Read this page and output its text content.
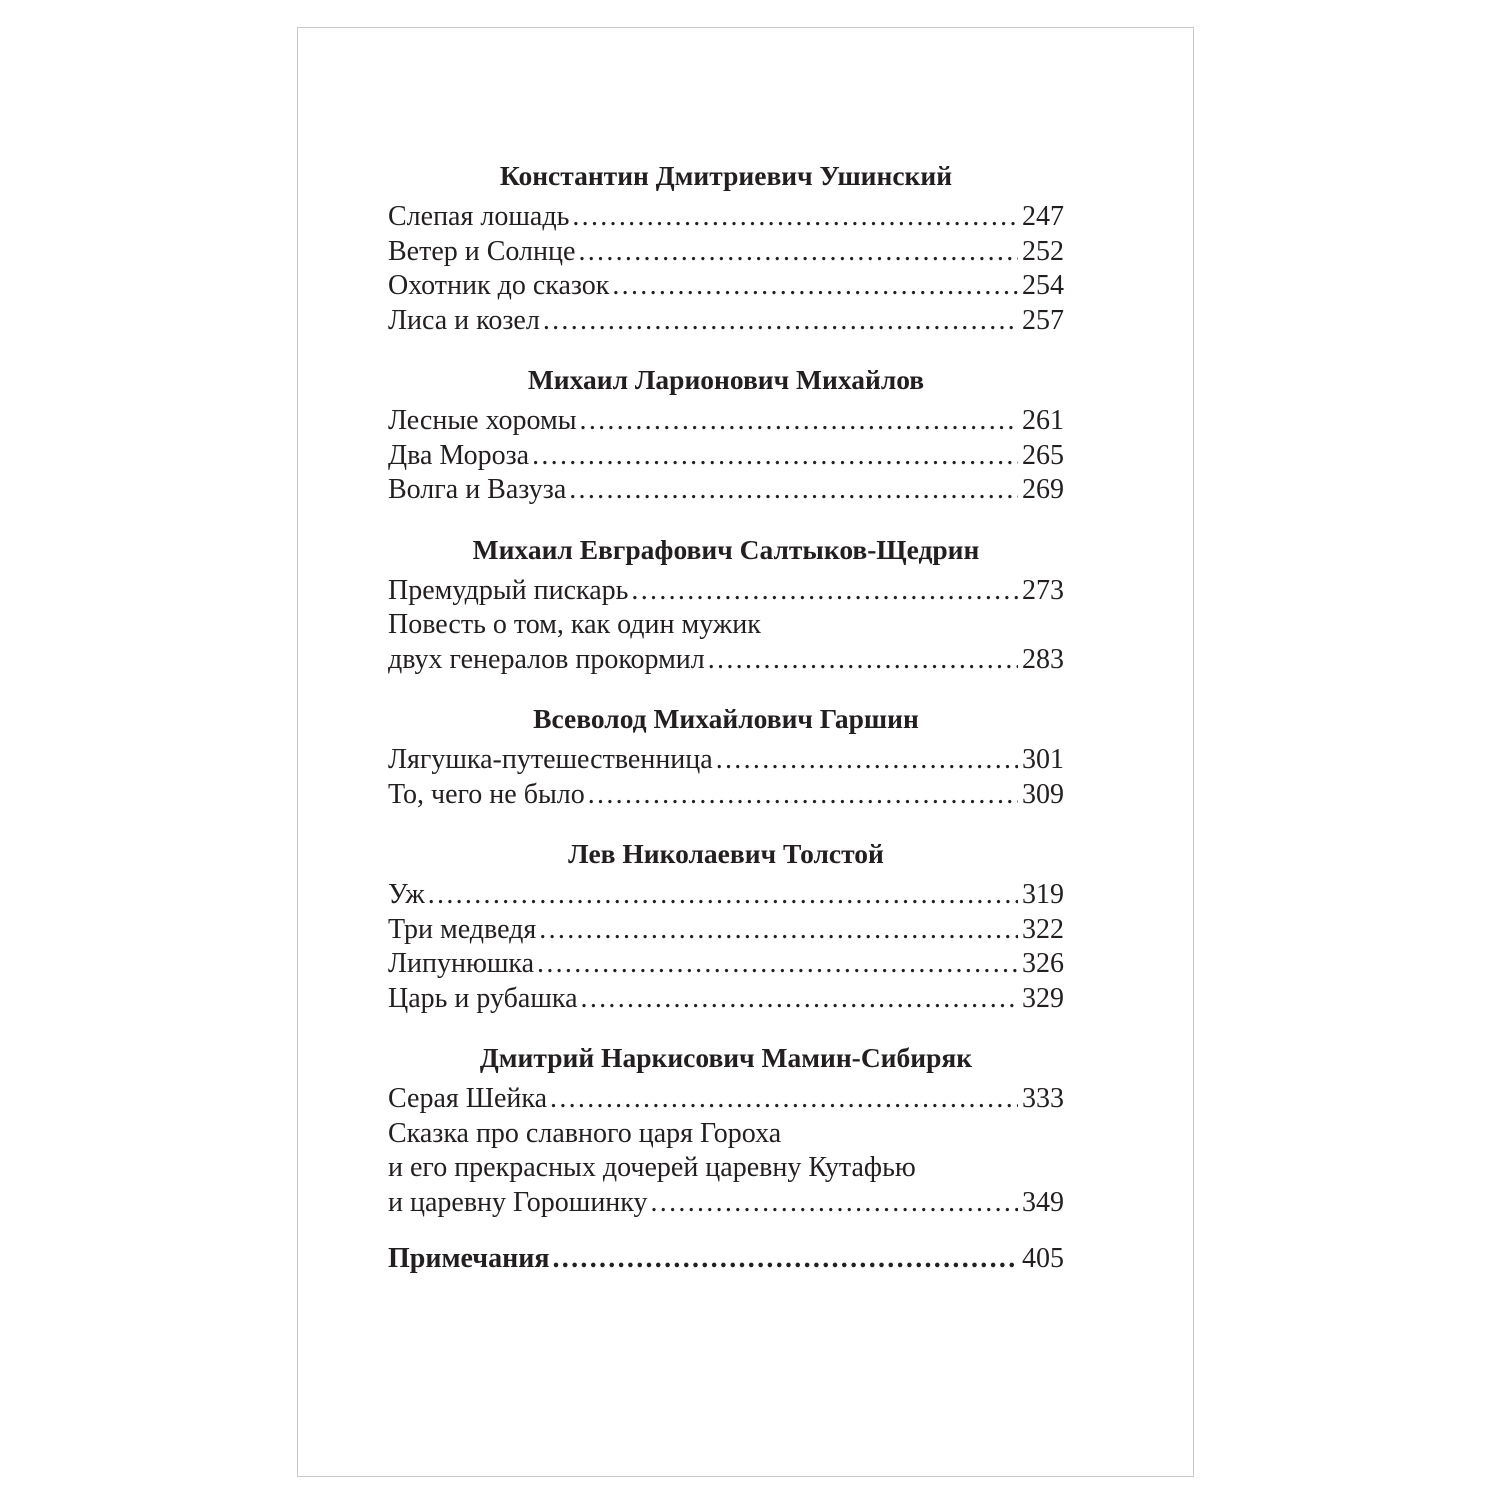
Константин Дмитриевич Ушинский
Слепая лошадь .....	247
Ветер и Солнце .....	252
Охотник до сказок .....	254
Лиса и козел .....	257
Михаил Ларионович Михайлов
Лесные хоромы .....	261
Два Мороза .....	265
Волга и Вазуза .....	269
Михаил Евграфович Салтыков-Щедрин
Премудрый пискарь .....	273
Повесть о том, как один мужик
двух генералов прокормил .....	283
Всеволод Михайлович Гаршин
Лягушка-путешественница .....	301
То, чего не было .....	309
Лев Николаевич Толстой
Уж .....	319
Три медведя .....	322
Липунюшка .....	326
Царь и рубашка .....	329
Дмитрий Наркисович Мамин-Сибиряк
Серая Шейка .....	333
Сказка про славного царя Гороха
и его прекрасных дочерей царевну Кутафью
и царевну Горошинку .....	349
Примечания .....	405
